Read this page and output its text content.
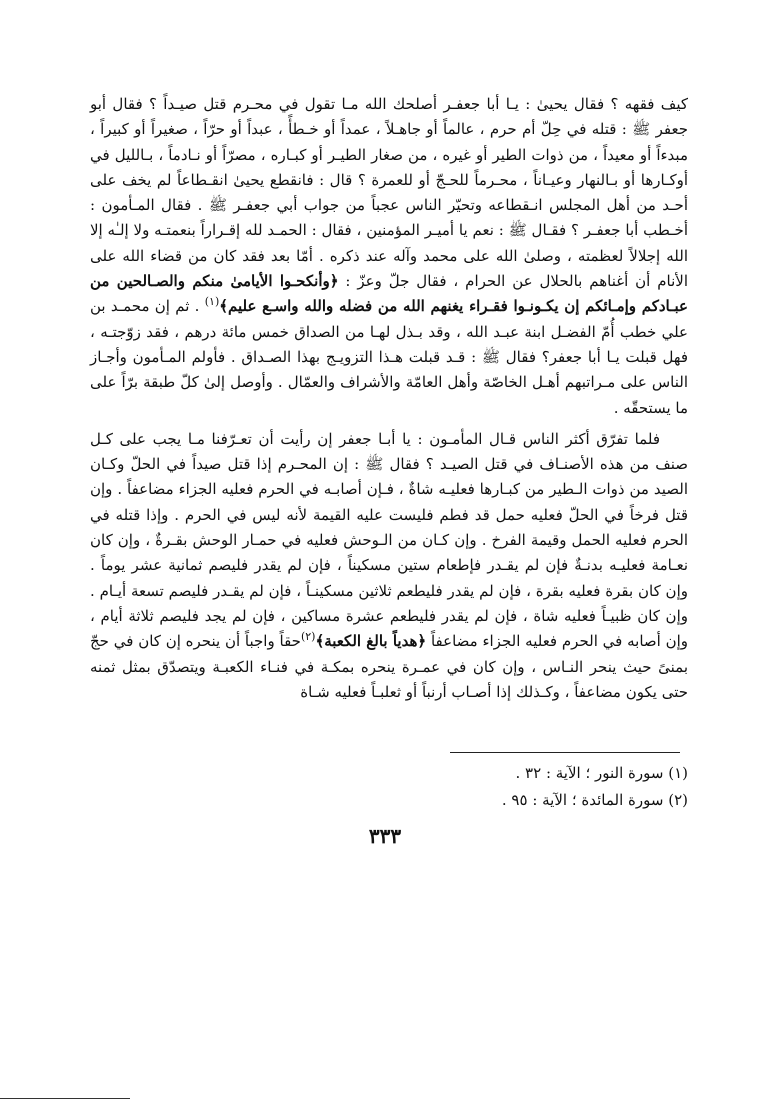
كيف فقهه ؟ فقال يحيىٰ : يـا أبا جعفـر أصلحك الله مـا تقول في محـرم قتل صيـداً ؟ فقال أبو جعفر ﷺ : قتله في حِلّ أم حرم ، عالماً أو جاهـلاً ، عمداً أو خـطأً ، عبداً أو حرّاً ، صغيراً أو كبيراً ، مبدءاً أو معيداً ، من ذوات الطير أو غيره ، من صغار الطيـر أو كبـاره ، مصرّاً أو نـادماً ، بـالليل في أوكـارها أو بـالنهار وعيـاناً ، محـرماً للحـجّ أو للعمرة ؟ قال : فانقطع يحيىٰ انقـطاعاً لم يخف على أحـد من أهل المجلس انـقطاعه وتحيّر الناس عجباً من جواب أبي جعفـر ﷺ . فقال المـأمون : أخـطب أبا جعفـر ؟ فقـال ﷺ : نعم يا أميـر المؤمنين ، فقال : الحمـد لله إقـراراً بنعمتـه ولا إلـٰه إلا الله إجلالاً لعظمته ، وصلىٰ الله على محمد وآله عند ذكره . أمّا بعد فقد كان من قضاء الله على الأنام أن أغناهم بالحلال عن الحرام ، فقال جلّ وعزّ : ﴿وأنكحـوا الأيامىٰ منكم والصـالحين من عبـادكم وإمـائكم إن يكـونـوا فقـراء يغنهم الله من فضله والله واسـع عليم﴾$^{(١)}$ . ثم إن محمـد بن علي خطب أُمّ الفضـل ابنة عبـد الله ، وقد بـذل لهـا من الصداق خمس مائة درهم ، فقد زوّجتـه ، فهل قبلت يـا أبا جعفر؟ فقال ﷺ : قـد قبلت هـذا التزويـج بهذا الصـداق . فأولم المـأمون وأجـاز الناس على مـراتبهم أهـل الخاصّة وأهل العامّة والأشراف والعمّال . وأوصل إلىٰ كلّ طبقة برّاً على ما يستحقّه .

فلما تفرّق أكثر الناس قـال المأمـون : يا أبـا جعفر إن رأيت أن تعـرّفنا مـا يجب على كـل صنف من هذه الأصنـاف في قتل الصيـد ؟ فقال ﷺ : إن المحـرم إذا قتل صيداً في الحلّ وكـان الصيد من ذوات الـطير من كبـارها فعليـه شاةٌ ، فـإن أصابـه في الحرم فعليه الجزاء مضاعفاً . وإن قتل فرخاً في الحلّ فعليه حمل قد فطم فليست عليه القيمة لأنه ليس في الحرم . وإذا قتله في الحرم فعليه الحمل وقيمة الفرخ . وإن كـان من الـوحش فعليه في حمـار الوحش بقـرةٌ ، وإن كان نعـامة فعليـه بدنـةٌ فإن لم يقـدر فإطعام ستين مسكيناً ، فإن لم يقدر فليصم ثمانية عشر يوماً . وإن كان بقرة فعليه بقرة ، فإن لم يقدر فليطعم ثلاثين مسكينـاً ، فإن لم يقـدر فليصم تسعة أيـام . وإن كان ظبيـاً فعليه شاة ، فإن لم يقدر فليطعم عشرة مساكين ، فإن لم يجد فليصم ثلاثة أيام ، وإن أصابه في الحرم فعليه الجزاء مضاعفاً ﴿هدياً بالغ الكعبة﴾$^{(٢)}$حقاً واجباً أن ينحره إن كان في حجّ بمنىً حيث ينحر النـاس ، وإن كان في عمـرة ينحره بمكـة في فنـاء الكعبـة ويتصدّق بمثل ثمنه حتى يكون مضاعفاً ، وكـذلك إذا أصـاب أرنباً أو ثعلبـاً فعليه شـاة

(١) سورة النور ؛ الآية : ٣٢ .

(٢) سورة المائدة ؛ الآية : ٩٥ .

٣٣٣
